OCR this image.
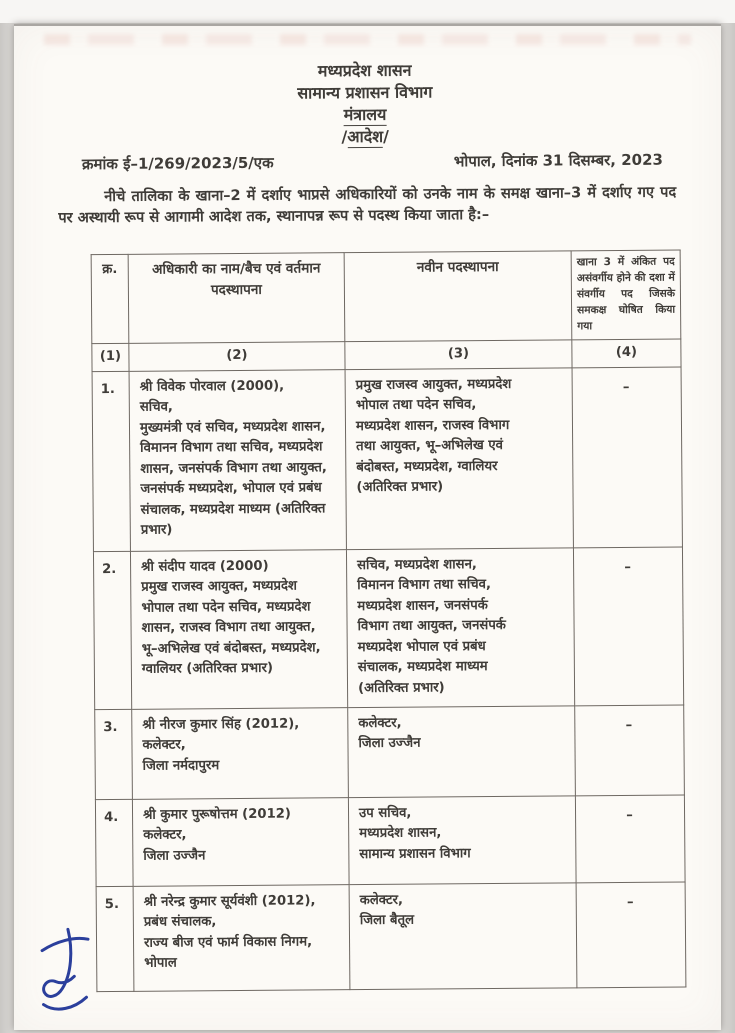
मध्यप्रदेश शासन
सामान्य प्रशासन विभाग
मंत्रालय
/आदेश/
क्रमांक ई–1/269/2023/5/एक	भोपाल, दिनांक 31 दिसम्बर, 2023
नीचे तालिका के खाना–2 में दर्शाए भाप्रसे अधिकारियों को उनके नाम के समक्ष खाना–3 में दर्शाए गए पद पर अस्थायी रूप से आगामी आदेश तक, स्थानापन्न रूप से पदस्थ किया जाता है:–
क्र.	अधिकारी का नाम/बैच एवं वर्तमान पदस्थापना	नवीन पदस्थापना	खाना 3 में अंकित पद असंवर्गीय होने की दशा में संवर्गीय पद जिसके समकक्ष घोषित किया गया
(1)	(2)	(3)	(4)
1.	श्री विवेक पोरवाल (2000),
सचिव,
मुख्यमंत्री एवं सचिव, मध्यप्रदेश शासन,
विमानन विभाग तथा सचिव, मध्यप्रदेश
शासन, जनसंपर्क विभाग तथा आयुक्त,
जनसंपर्क मध्यप्रदेश, भोपाल एवं प्रबंध
संचालक, मध्यप्रदेश माध्यम (अतिरिक्त
प्रभार)	प्रमुख राजस्व आयुक्त, मध्यप्रदेश
भोपाल तथा पदेन सचिव,
मध्यप्रदेश शासन, राजस्व विभाग
तथा आयुक्त, भू–अभिलेख एवं
बंदोबस्त, मध्यप्रदेश, ग्वालियर
(अतिरिक्त प्रभार)	–
2.	श्री संदीप यादव (2000)
प्रमुख राजस्व आयुक्त, मध्यप्रदेश
भोपाल तथा पदेन सचिव, मध्यप्रदेश
शासन, राजस्व विभाग तथा आयुक्त,
भू–अभिलेख एवं बंदोबस्त, मध्यप्रदेश,
ग्वालियर (अतिरिक्त प्रभार)	सचिव, मध्यप्रदेश शासन,
विमानन विभाग तथा सचिव,
मध्यप्रदेश शासन, जनसंपर्क
विभाग तथा आयुक्त, जनसंपर्क
मध्यप्रदेश भोपाल एवं प्रबंध
संचालक, मध्यप्रदेश माध्यम
(अतिरिक्त प्रभार)	–
3.	श्री नीरज कुमार सिंह (2012),
कलेक्टर,
जिला नर्मदापुरम	कलेक्टर,
जिला उज्जैन	–
4.	श्री कुमार पुरूषोत्तम (2012)
कलेक्टर,
जिला उज्जैन	उप सचिव,
मध्यप्रदेश शासन,
सामान्य प्रशासन विभाग	–
5.	श्री नरेन्द्र कुमार सूर्यवंशी (2012),
प्रबंध संचालक,
राज्य बीज एवं फार्म विकास निगम,
भोपाल	कलेक्टर,
जिला बैतूल	–
